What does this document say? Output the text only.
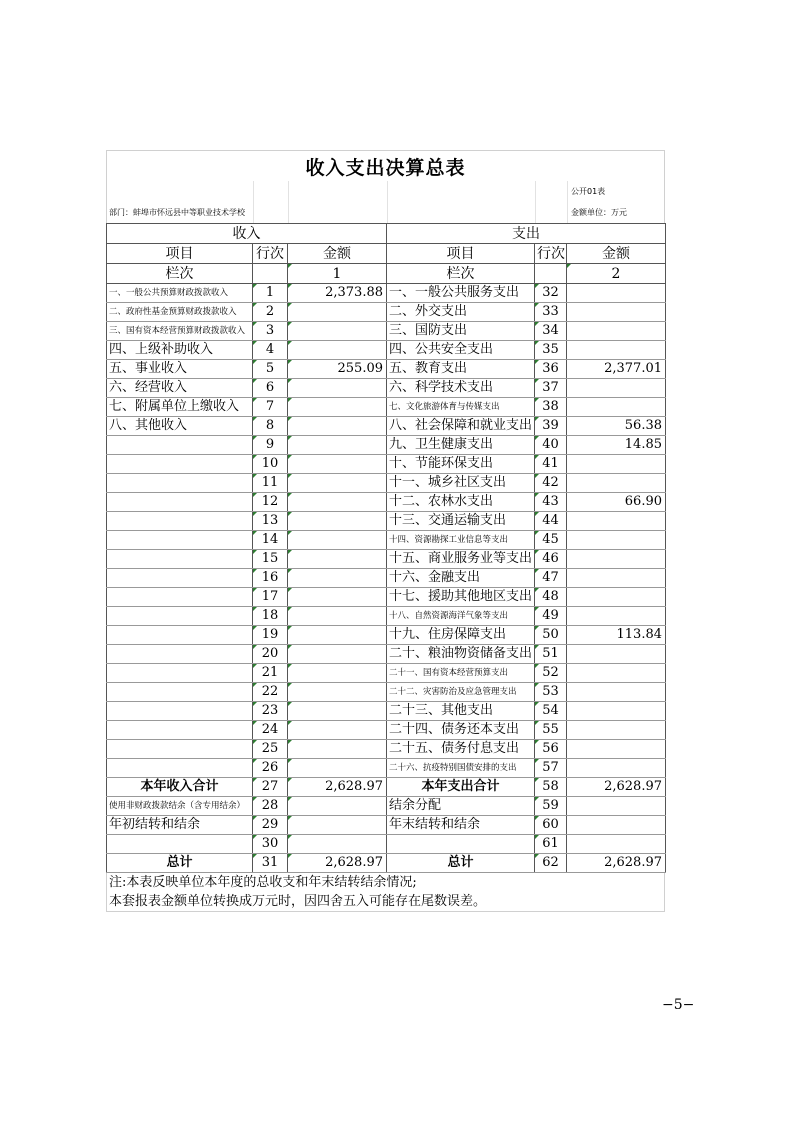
收入支出决算总表
公开01表
部门：蚌埠市怀远县中等职业技术学校	金额单位：万元
收入			支出		
项目	行次	金额	项目	行次	金额
栏次		1	栏次		2
一、一般公共预算财政拨款收入	1	2,373.88	一、一般公共服务支出	32	
二、政府性基金预算财政拨款收入	2		二、外交支出	33	
三、国有资本经营预算财政拨款收入	3		三、国防支出	34	
四、上级补助收入	4		四、公共安全支出	35	
五、事业收入	5	255.09	五、教育支出	36	2,377.01
六、经营收入	6		六、科学技术支出	37	
七、附属单位上缴收入	7		七、文化旅游体育与传媒支出	38	
八、其他收入	8		八、社会保障和就业支出	39	56.38
	9		九、卫生健康支出	40	14.85
	10		十、节能环保支出	41	
	11		十一、城乡社区支出	42	
	12		十二、农林水支出	43	66.90
	13		十三、交通运输支出	44	
	14		十四、资源勘探工业信息等支出	45	
	15		十五、商业服务业等支出	46	
	16		十六、金融支出	47	
	17		十七、援助其他地区支出	48	
	18		十八、自然资源海洋气象等支出	49	
	19		十九、住房保障支出	50	113.84
	20		二十、粮油物资储备支出	51	
	21		二十一、国有资本经营预算支出	52	
	22		二十二、灾害防治及应急管理支出	53	
	23		二十三、其他支出	54	
	24		二十四、债务还本支出	55	
	25		二十五、债务付息支出	56	
	26		二十六、抗疫特别国债安排的支出	57	
本年收入合计	27	2,628.97	本年支出合计	58	2,628.97
使用非财政拨款结余（含专用结余）	28		结余分配	59	
年初结转和结余	29		年末结转和结余	60	
	30			61	
总计	31	2,628.97	总计	62	2,628.97
注:本表反映单位本年度的总收支和年末结转结余情况;
本套报表金额单位转换成万元时，因四舍五入可能存在尾数误差。
−5−
